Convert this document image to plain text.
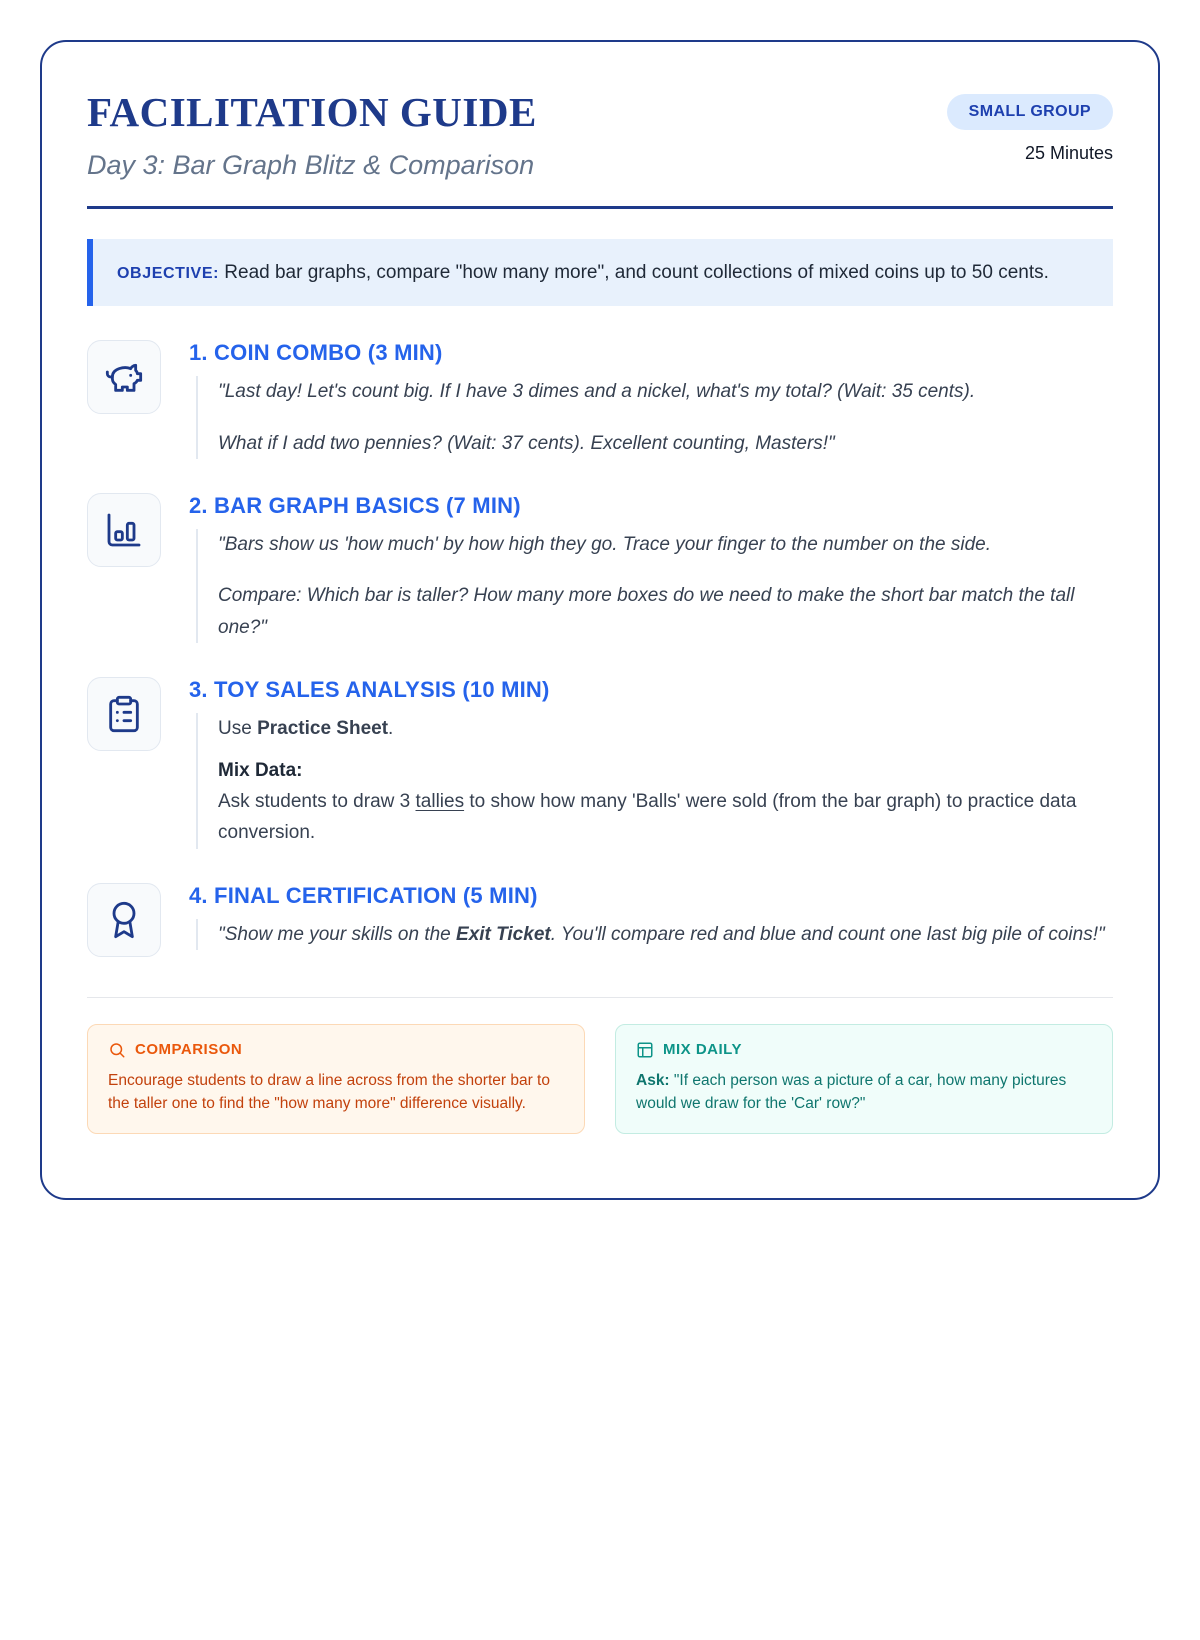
FACILITATION GUIDE
Day 3: Bar Graph Blitz & Comparison
SMALL GROUP
25 Minutes
OBJECTIVE: Read bar graphs, compare "how many more", and count collections of mixed coins up to 50 cents.
1. COIN COMBO (3 MIN)

"Last day! Let's count big. If I have 3 dimes and a nickel, what's my total? (Wait: 35 cents).

What if I add two pennies? (Wait: 37 cents). Excellent counting, Masters!"

2. BAR GRAPH BASICS (7 MIN)

"Bars show us 'how much' by how high they go. Trace your finger to the number on the side.

Compare: Which bar is taller? How many more boxes do we need to make the short bar match the tall one?"

3. TOY SALES ANALYSIS (10 MIN)

Use Practice Sheet.

Mix Data:

Ask students to draw 3 tallies to show how many 'Balls' were sold (from the bar graph) to practice data conversion.

4. FINAL CERTIFICATION (5 MIN)

"Show me your skills on the Exit Ticket. You'll compare red and blue and count one last big pile of coins!"

COMPARISON
Encourage students to draw a line across from the shorter bar to the taller one to find the "how many more" difference visually.
MIX DAILY
Ask: "If each person was a picture of a car, how many pictures would we draw for the 'Car' row?"
